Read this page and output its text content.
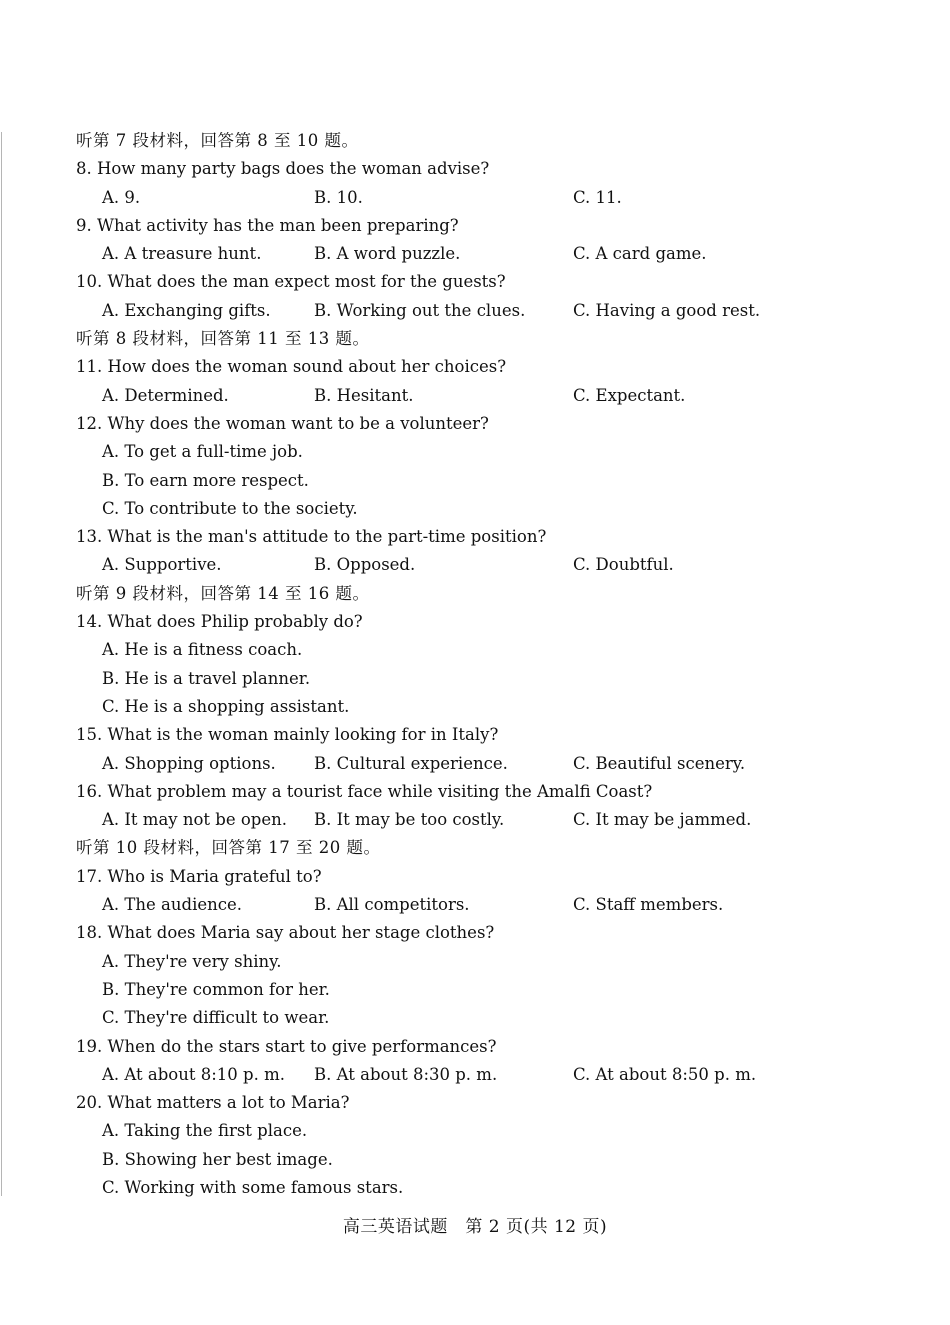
听第 7 段材料，回答第 8 至 10 题。
8. How many party bags does the woman advise?
A. 9.	B. 10.	C. 11.
9. What activity has the man been preparing?
A. A treasure hunt.	B. A word puzzle.	C. A card game.
10. What does the man expect most for the guests?
A. Exchanging gifts.	B. Working out the clues.	C. Having a good rest.
听第 8 段材料，回答第 11 至 13 题。
11. How does the woman sound about her choices?
A. Determined.	B. Hesitant.	C. Expectant.
12. Why does the woman want to be a volunteer?
A. To get a full-time job.
B. To earn more respect.
C. To contribute to the society.
13. What is the man's attitude to the part-time position?
A. Supportive.	B. Opposed.	C. Doubtful.
听第 9 段材料，回答第 14 至 16 题。
14. What does Philip probably do?
A. He is a fitness coach.
B. He is a travel planner.
C. He is a shopping assistant.
15. What is the woman mainly looking for in Italy?
A. Shopping options. B. Cultural experience.	C. Beautiful scenery.
16. What problem may a tourist face while visiting the Amalfi Coast?
A. It may not be open. B. It may be too costly.	C. It may be jammed.
听第 10 段材料，回答第 17 至 20 题。
17. Who is Maria grateful to?
A. The audience.	B. All competitors.	C. Staff members.
18. What does Maria say about her stage clothes?
A. They're very shiny.
B. They're common for her.
C. They're difficult to wear.
19. When do the stars start to give performances?
A. At about 8:10 p. m. B. At about 8:30 p. m.	C. At about 8:50 p. m.
20. What matters a lot to Maria?
A. Taking the first place.
B. Showing her best image.
C. Working with some famous stars.
高三英语试题　第 2 页(共 12 页)
